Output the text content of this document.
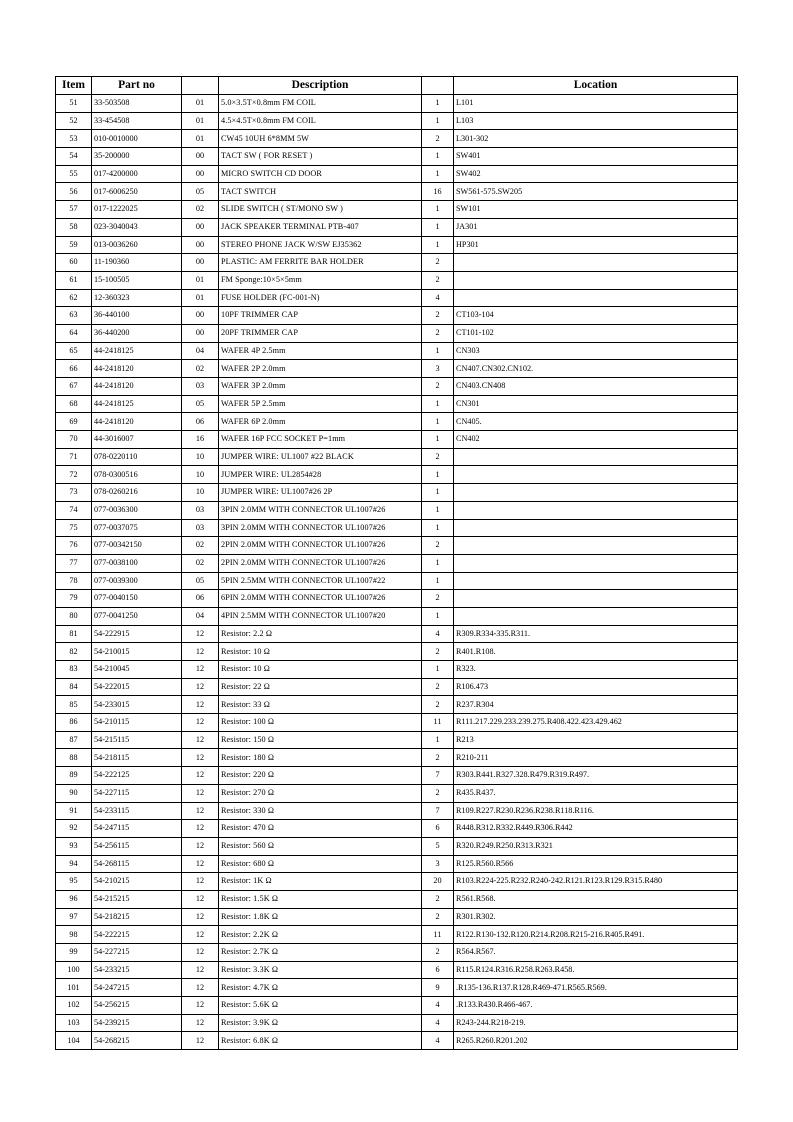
Item	Part no		Description		Location
51	33-503508	01	5.0×3.5T×0.8mm FM COIL	1	L101
52	33-454508	01	4.5×4.5T×0.8mm FM COIL	1	L103
53	010-0010000	01	CW45 10UH 6*8MM 5W	2	L301-302
54	35-200000	00	TACT SW ( FOR RESET )	1	SW401
55	017-4200000	00	MICRO SWITCH CD DOOR	1	SW402
56	017-6006250	05	TACT SWITCH	16	SW561-575.SW205
57	017-1222025	02	SLIDE SWITCH ( ST/MONO SW )	1	SW101
58	023-3040043	00	JACK SPEAKER TERMINAL PTB-407	1	JA301
59	013-0036260	00	STEREO PHONE JACK W/SW EJ35362	1	HP301
60	11-190360	00	PLASTIC: AM FERRITE BAR HOLDER	2	
61	15-100505	01	FM Sponge:10×5×5mm	2	
62	12-360323	01	FUSE HOLDER (FC-001-N)	4	
63	36-440100	00	10PF TRIMMER CAP	2	CT103-104
64	36-440200	00	20PF TRIMMER CAP	2	CT101-102
65	44-2418125	04	WAFER 4P 2.5mm	1	CN303
66	44-2418120	02	WAFER 2P 2.0mm	3	CN407.CN302.CN102.
67	44-2418120	03	WAFER 3P 2.0mm	2	CN403.CN408
68	44-2418125	05	WAFER 5P 2.5mm	1	CN301
69	44-2418120	06	WAFER 6P 2.0mm	1	CN405.
70	44-3016007	16	WAFER 16P FCC SOCKET P=1mm	1	CN402
71	078-0220110	10	JUMPER WIRE: UL1007 #22 BLACK	2	
72	078-0300516	10	JUMPER WIRE: UL2854#28	1	
73	078-0260216	10	JUMPER WIRE: UL1007#26 2P	1	
74	077-0036300	03	3PIN 2.0MM WITH CONNECTOR UL1007#26	1	
75	077-0037075	03	3PIN 2.0MM WITH CONNECTOR UL1007#26	1	
76	077-00342150	02	2PIN 2.0MM WITH CONNECTOR UL1007#26	2	
77	077-0038100	02	2PIN 2.0MM WITH CONNECTOR UL1007#26	1	
78	077-0039300	05	5PIN 2.5MM WITH CONNECTOR UL1007#22	1	
79	077-0040150	06	6PIN 2.0MM WITH CONNECTOR UL1007#26	2	
80	077-0041250	04	4PIN 2.5MM WITH CONNECTOR UL1007#20	1	
81	54-222915	12	Resistor: 2.2 Ω	4	R309.R334-335.R311.
82	54-210015	12	Resistor: 10 Ω	2	R401.R108.
83	54-210045	12	Resistor: 10 Ω	1	R323.
84	54-222015	12	Resistor: 22 Ω	2	R106.473
85	54-233015	12	Resistor: 33 Ω	2	R237.R304
86	54-210115	12	Resistor: 100 Ω	11	R111.217.229.233.239.275.R408.422.423.429.462
87	54-215115	12	Resistor: 150 Ω	1	R213
88	54-218115	12	Resistor: 180 Ω	2	R210-211
89	54-222125	12	Resistor: 220 Ω	7	R303.R441.R327.328.R479.R319.R497.
90	54-227115	12	Resistor: 270 Ω	2	R435.R437.
91	54-233115	12	Resistor: 330 Ω	7	R109.R227.R230.R236.R238.R118.R116.
92	54-247115	12	Resistor: 470 Ω	6	R448.R312.R332.R449.R306.R442
93	54-256115	12	Resistor: 560 Ω	5	R320.R249.R250.R313.R321
94	54-268115	12	Resistor: 680 Ω	3	R125.R560.R566
95	54-210215	12	Resistor: 1K Ω	20	R103.R224-225.R232.R240-242.R121.R123.R129.R315.R480
96	54-215215	12	Resistor: 1.5K Ω	2	R561.R568.
97	54-218215	12	Resistor: 1.8K Ω	2	R301.R302.
98	54-222215	12	Resistor: 2.2K Ω	11	R122.R130-132.R120.R214.R208.R215-216.R405.R491.
99	54-227215	12	Resistor: 2.7K Ω	2	R564.R567.
100	54-233215	12	Resistor: 3.3K Ω	6	R115.R124.R316.R258.R263.R458.
101	54-247215	12	Resistor: 4.7K Ω	9	.R135-136.R137.R128.R469-471.R565.R569.
102	54-256215	12	Resistor: 5.6K Ω	4	.R133.R430.R466-467.
103	54-239215	12	Resistor: 3.9K Ω	4	R243-244.R218-219.
104	54-268215	12	Resistor: 6.8K Ω	4	R265.R260.R201.202
